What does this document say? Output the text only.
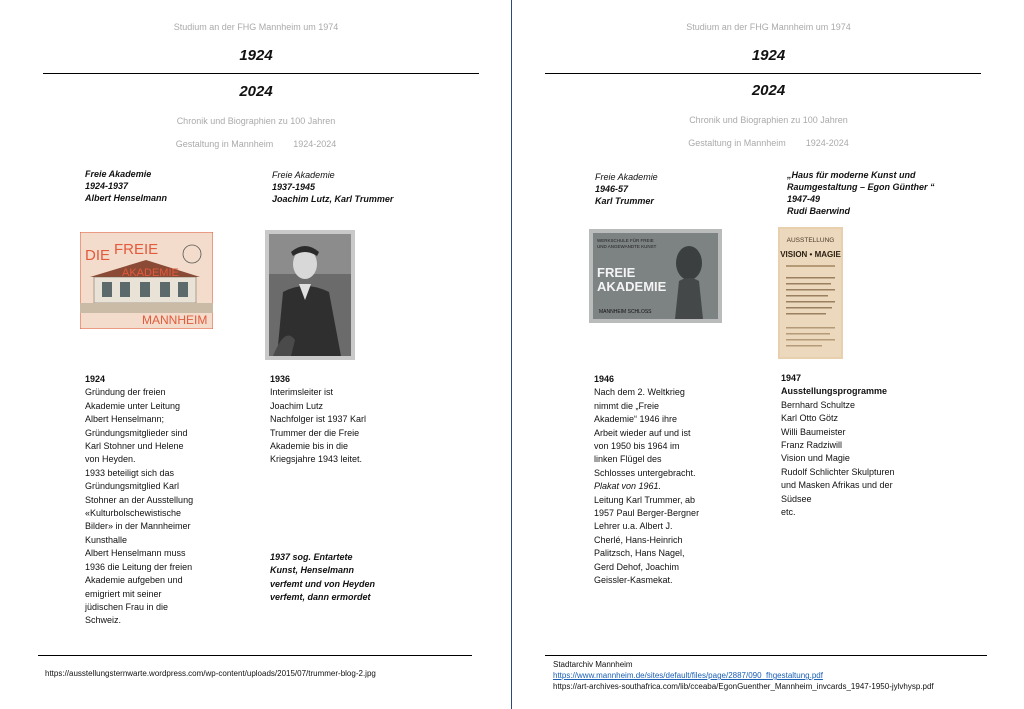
Studium an der FHG Mannheim um 1974
1924
2024
Chronik und Biographien zu 100 Jahren
Gestaltung in Mannheim        1924-2024
Freie Akademie
1924-1937
Albert Henselmann
Freie Akademie
1937-1945
Joachim Lutz, Karl Trummer
DIE FREIE
AKADEMIE
MANNHEIM
1924
Gründung der freien
Akademie unter Leitung
Albert Henselmann;
Gründungsmitglieder sind
Karl Stohner und Helene
von Heyden.
1933 beteiligt sich das
Gründungsmitglied Karl
Stohner an der Ausstellung
«Kulturbolschewistische
Bilder» in der Mannheimer
Kunsthalle
Albert Henselmann muss
1936 die Leitung der freien
Akademie aufgeben und
emigriert mit seiner
jüdischen Frau in die
Schweiz.
1936
Interimsleiter ist
Joachim Lutz
Nachfolger ist 1937 Karl
Trummer der die Freie
Akademie bis in die
Kriegsjahre 1943 leitet.
1937 sog. Entartete
Kunst, Henselmann
verfemt und von Heyden
verfemt, dann ermordet
https://ausstellungsternwarte.wordpress.com/wp-content/uploads/2015/07/trummer-blog-2.jpg
Studium an der FHG Mannheim um 1974
1924
2024
Chronik und Biographien zu 100 Jahren
Gestaltung in Mannheim        1924-2024
Freie Akademie
1946-57
Karl Trummer
„Haus für moderne Kunst und
Raumgestaltung – Egon Günther “
1947-49
Rudi Baerwind
WERKSCHULE FÜR FREIE
UND ANGEWANDTE KUNST
FREIE
AKADEMIE
MANNHEIM SCHLOSS
AUSSTELLUNG
VISION • MAGIE
1946
Nach dem 2. Weltkrieg
nimmt die „Freie
Akademie“ 1946 ihre
Arbeit wieder auf und ist
von 1950 bis 1964 im
linken Flügel des
Schlosses untergebracht.
Plakat von 1961.
Leitung Karl Trummer, ab
1957 Paul Berger-Bergner
Lehrer u.a. Albert J.
Cherlé, Hans-Heinrich
Palitzsch, Hans Nagel,
Gerd Dehof, Joachim
Geissler-Kasmekat.
1947
Ausstellungsprogramme
Bernhard Schultze
Karl Otto Götz
Willi Baumeister
Franz Radziwill
Vision und Magie
Rudolf Schlichter Skulpturen
und Masken Afrikas und der
Südsee
etc.
Stadtarchiv Mannheim
https://www.mannheim.de/sites/default/files/page/2887/090_fhgestaltung.pdf
https://art-archives-southafrica.com/lib/cceaba/EgonGuenther_Mannheim_invcards_1947-1950-jylvhysp.pdf
